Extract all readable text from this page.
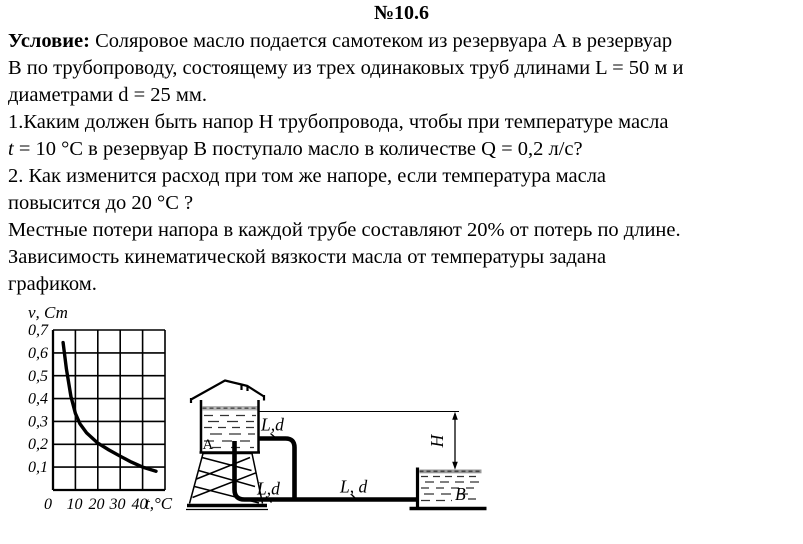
№10.6
Условие: Соляровое масло подается самотеком из резервуара А в резервуар
В по трубопроводу, состоящему из трех одинаковых труб длинами L = 50 м и
диаметрами d = 25 мм.
1.Каким должен быть напор Н трубопровода, чтобы при температуре масла
t = 10 °С в резервуар В поступало масло в количестве Q = 0,2 л/с?
2. Как изменится расход при том же напоре, если температура масла
повысится до 20 °С ?
Местные потери напора в каждой трубе составляют 20% от потерь по длине.
Зависимость кинематической вязкости масла от температуры задана
графиком.
ν, Ст
0,7
0,6
0,5
0,4
0,3
0,2
0,1
0 10 20 30 40
t,°C
A
L,d
L,d	L, d
H
B
